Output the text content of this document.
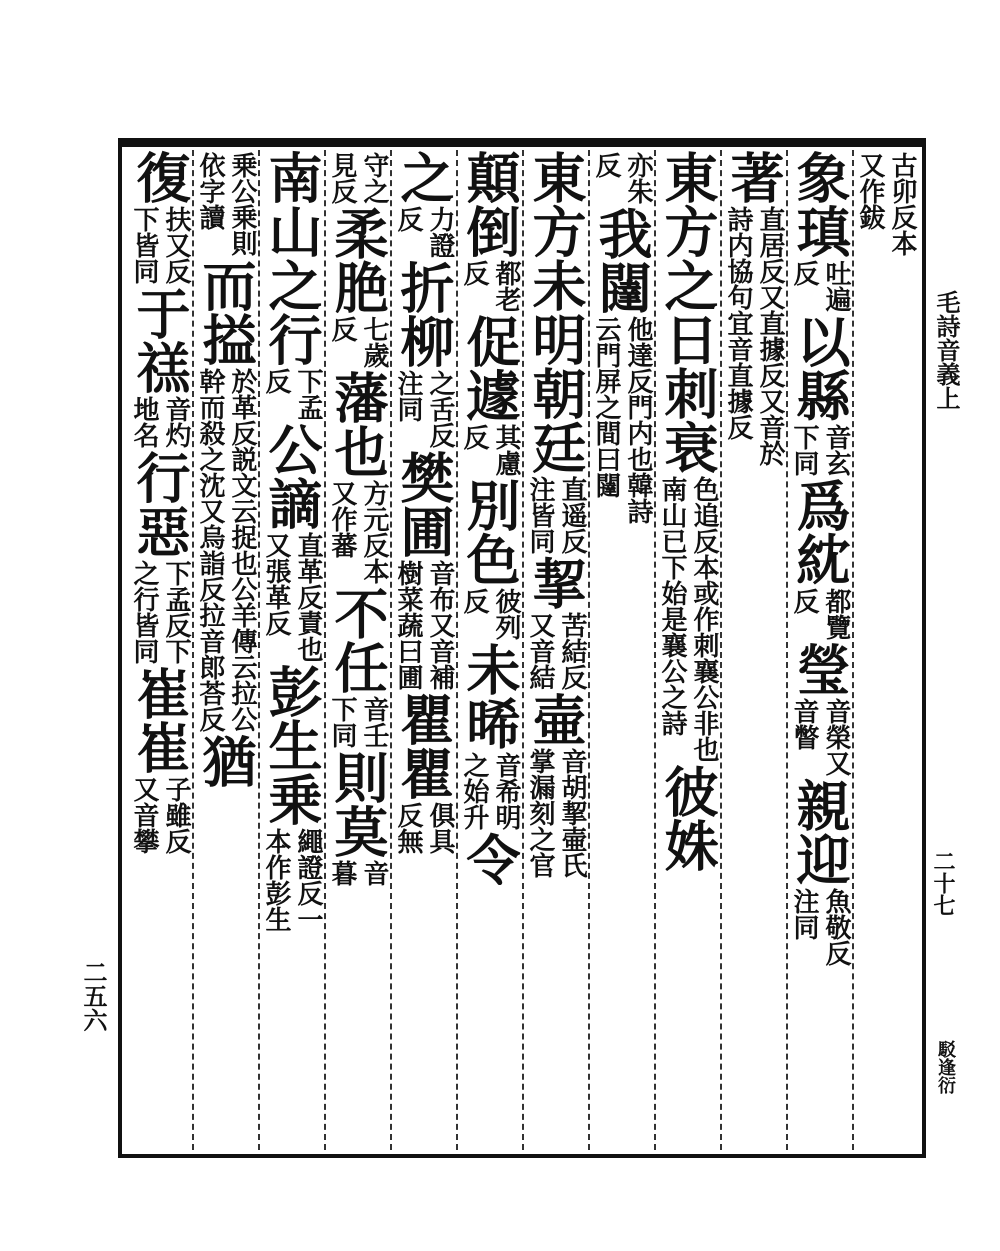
毛詩音義上
二十七
駁逢衍
二五六
古卯反本
又作鈸
象瑱
吐遍
反
以縣
音玄
下同
爲紞
都覽
反
瑩
音榮又
音瞥
親迎
魚敬反
注同
著
直居反又直據反又音於
詩内協句宜音直據反
東方之日刺衰
色追反本或作刺襄公非也
南山已下始是襄公之詩
彼姝
亦朱
反
我闥
他達反門内也韓詩
云門屏之間曰闥
東方未明朝廷
直遥反
注皆同
挈
苦結反
又音結
壷
音胡挈壷氏
掌漏刻之官
顛倒
都老
反
促遽
其慮
反
別色
彼列
反
未晞
音希明
之始升
令
之
力證
反
折柳
之舌反
注同
樊圃
音布又音補
樹菜蔬曰圃
瞿瞿
俱具
反無
守之
見反
柔脃
七歲
反
藩也
方元反本
又作蕃
不任
音壬
下同
則莫
音
暮
南山之行
下孟
反
公謫
直革反責也
又張革反
彭生乗
繩證反一
本作彭生
乗公乗則
依字讀
而搤
於革反説文云捉也公羊傳云拉公
幹而殺之沈又烏詣反拉音郎荅反
猶
復
扶又反
下皆同
于禚
音灼
地名
行惡
下孟反下
之行皆同
崔崔
子雖反
又音攀
